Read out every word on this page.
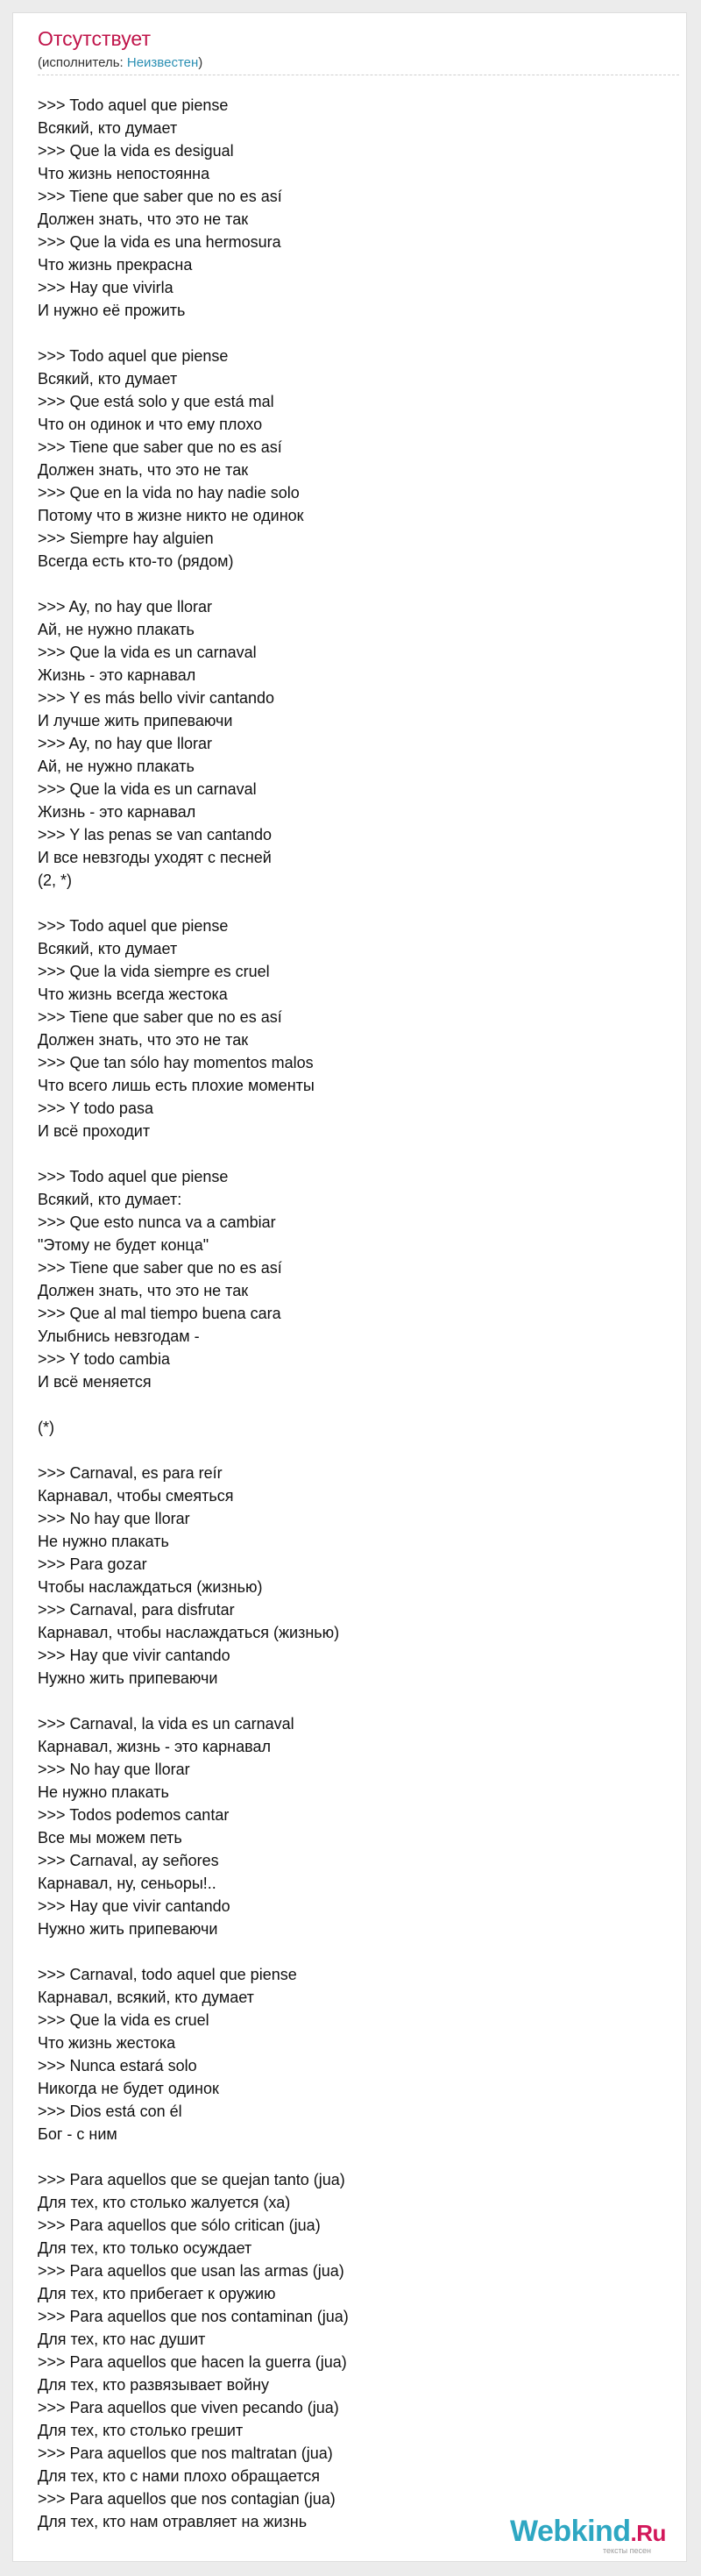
Отсутствует
(исполнитель: Неизвестен)
>>> Todo aquel que piense
Всякий, кто думает
>>> Que la vida es desigual
Что жизнь непостоянна
>>> Tiene que saber que no es así
Должен знать, что это не так
>>> Que la vida es una hermosura
Что жизнь прекрасна
>>> Hay que vivirla
И нужно её прожить
>>> Todo aquel que piense
Всякий, кто думает
>>> Que está solo y que está mal
Что он одинок и что ему плохо
>>> Tiene que saber que no es así
Должен знать, что это не так
>>> Que en la vida no hay nadie solo
Потому что в жизне никто не одинок
>>> Siempre hay alguien
Всегда есть кто-то (рядом)
>>> Ay, no hay que llorar
Ай, не нужно плакать
>>> Que la vida es un carnaval
Жизнь - это карнавал
>>> Y es más bello vivir cantando
И лучше жить припеваючи
>>> Ay, no hay que llorar
Ай, не нужно плакать
>>> Que la vida es un carnaval
Жизнь - это карнавал
>>> Y las penas se van cantando
И все невзгоды уходят с песней
(2, *)
>>> Todo aquel que piense
Всякий, кто думает
>>> Que la vida siempre es cruel
Что жизнь всегда жестока
>>> Tiene que saber que no es así
Должен знать, что это не так
>>> Que tan sólo hay momentos malos
Что всего лишь есть плохие моменты
>>> Y todo pasa
И всё проходит
>>> Todo aquel que piense
Всякий, кто думает:
>>> Que esto nunca va a cambiar
"Этому не будет конца"
>>> Tiene que saber que no es así
Должен знать, что это не так
>>> Que al mal tiempo buena cara
Улыбнись невзгодам -
>>> Y todo cambia
И всё меняется
(*)
>>> Carnaval, es para reír
Карнавал, чтобы смеяться
>>> No hay que llorar
Не нужно плакать
>>> Para gozar
Чтобы наслаждаться (жизнью)
>>> Carnaval, para disfrutar
Карнавал, чтобы наслаждаться (жизнью)
>>> Hay que vivir cantando
Нужно жить припеваючи
>>> Carnaval, la vida es un carnaval
Карнавал, жизнь - это карнавал
>>> No hay que llorar
Не нужно плакать
>>> Todos podemos cantar
Все мы можем петь
>>> Carnaval, ay señores
Карнавал, ну, сеньоры!..
>>> Hay que vivir cantando
Нужно жить припеваючи
>>> Carnaval, todo aquel que piense
Карнавал, всякий, кто думает
>>> Que la vida es cruel
Что жизнь жестока
>>> Nunca estará solo
Никогда не будет одинок
>>> Dios está con él
Бог - с ним
>>> Para aquellos que se quejan tanto (jua)
Для тех, кто столько жалуется (ха)
>>> Para aquellos que sólo critican (jua)
Для тех, кто только осуждает
>>> Para aquellos que usan las armas (jua)
Для тех, кто прибегает к оружию
>>> Para aquellos que nos contaminan (jua)
Для тех, кто нас душит
>>> Para aquellos que hacen la guerra (jua)
Для тех, кто развязывает войну
>>> Para aquellos que viven pecando (jua)
Для тех, кто столько грешит
>>> Para aquellos que nos maltratan (jua)
Для тех, кто с нами плохо обращается
>>> Para aquellos que nos contagian (jua)
Для тех, кто нам отравляет на жизнь	Webkind.Ru
тексты песен
